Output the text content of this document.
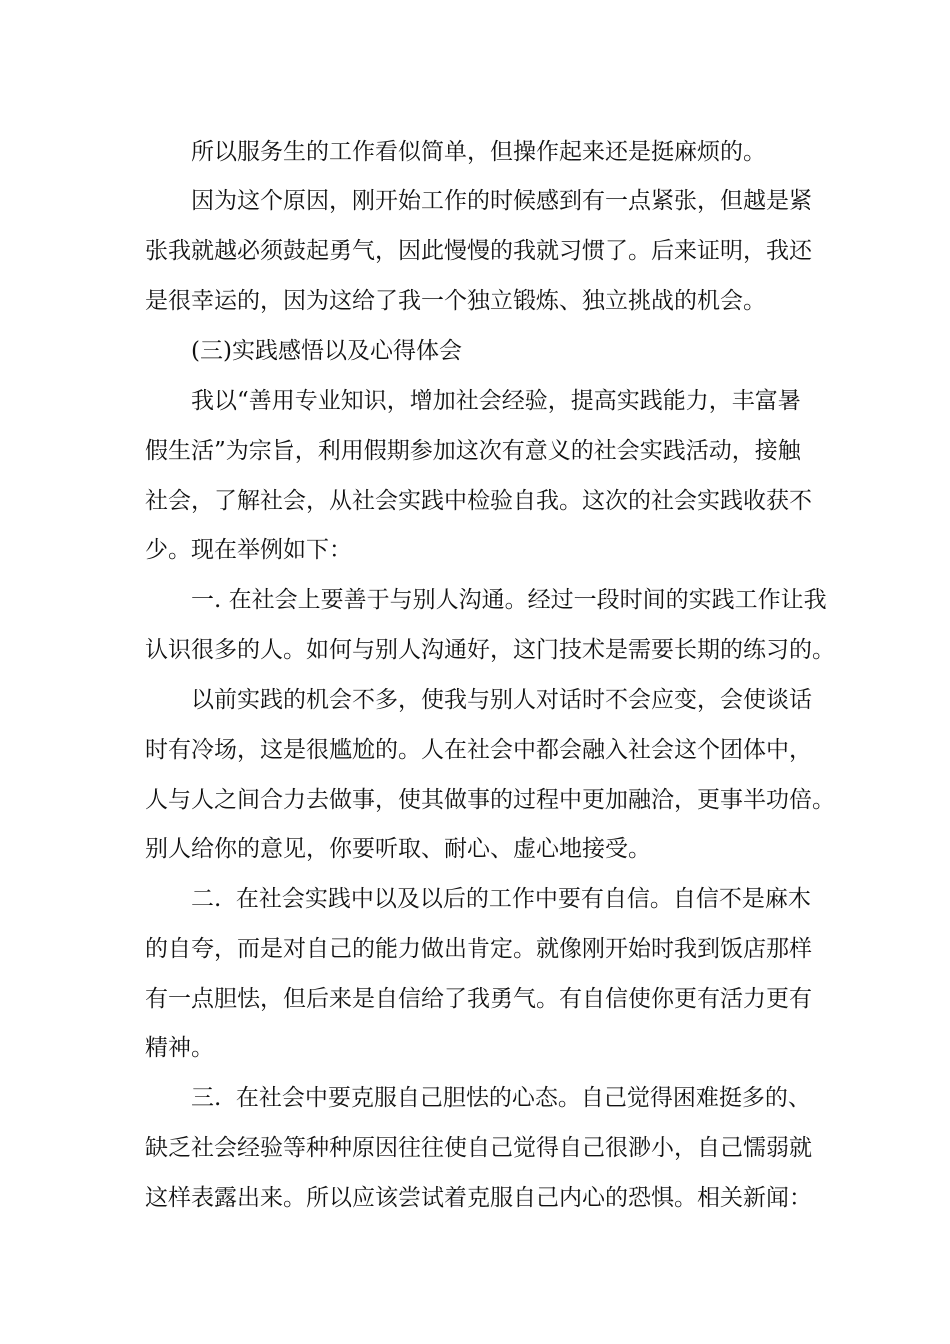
所以服务生的工作看似简单，但操作起来还是挺麻烦的。
因为这个原因，刚开始工作的时候感到有一点紧张，但越是紧
张我就越必须鼓起勇气，因此慢慢的我就习惯了。后来证明，我还
是很幸运的，因为这给了我一个独立锻炼、独立挑战的机会。
(三)实践感悟以及心得体会
我以“善用专业知识，增加社会经验，提高实践能力，丰富暑
假生活”为宗旨，利用假期参加这次有意义的社会实践活动，接触
社会，了解社会，从社会实践中检验自我。这次的社会实践收获不
少。现在举例如下：
一. 在社会上要善于与别人沟通。经过一段时间的实践工作让我
认识很多的人。如何与别人沟通好，这门技术是需要长期的练习的。
以前实践的机会不多，使我与别人对话时不会应变，会使谈话
时有冷场，这是很尴尬的。人在社会中都会融入社会这个团体中，
人与人之间合力去做事，使其做事的过程中更加融洽，更事半功倍。
别人给你的意见，你要听取、耐心、虚心地接受。
二.  在社会实践中以及以后的工作中要有自信。自信不是麻木
的自夸，而是对自己的能力做出肯定。就像刚开始时我到饭店那样
有一点胆怯，但后来是自信给了我勇气。有自信使你更有活力更有
精神。
三.  在社会中要克服自己胆怯的心态。自己觉得困难挺多的、
缺乏社会经验等种种原因往往使自己觉得自己很渺小，自己懦弱就
这样表露出来。所以应该尝试着克服自己内心的恐惧。相关新闻：
